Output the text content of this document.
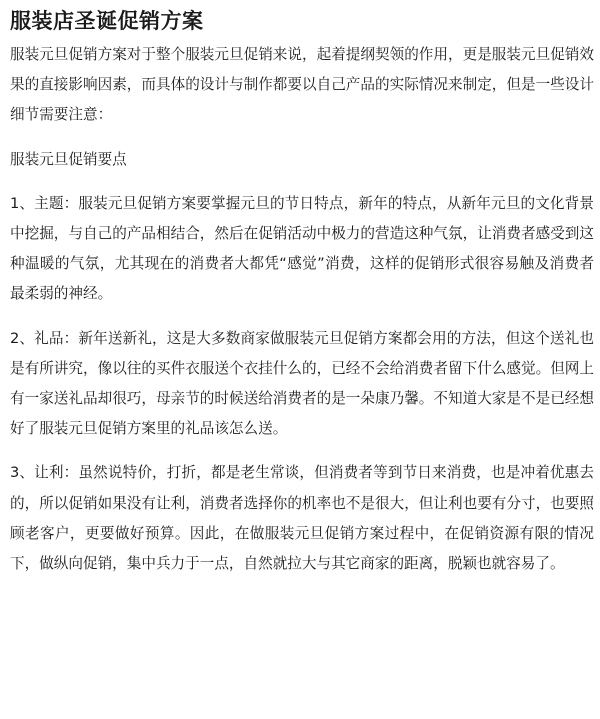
服装店圣诞促销方案

服装元旦促销方案对于整个服装元旦促销来说，起着提纲契领的作用，更是服装元旦促销效果的直接影响因素，而具体的设计与制作都要以自己产品的实际情况来制定，但是一些设计细节需要注意：

服装元旦促销要点

1、主题：服装元旦促销方案要掌握元旦的节日特点，新年的特点，从新年元旦的文化背景中挖掘，与自己的产品相结合，然后在促销活动中极力的营造这种气氛，让消费者感受到这种温暖的气氛，尤其现在的消费者大都凭“感觉”消费，这样的促销形式很容易触及消费者最柔弱的神经。

2、礼品：新年送新礼，这是大多数商家做服装元旦促销方案都会用的方法，但这个送礼也是有所讲究，像以往的买件衣服送个衣挂什么的，已经不会给消费者留下什么感觉。但网上有一家送礼品却很巧，母亲节的时候送给消费者的是一朵康乃馨。不知道大家是不是已经想好了服装元旦促销方案里的礼品该怎么送。

3、让利：虽然说特价，打折，都是老生常谈，但消费者等到节日来消费，也是冲着优惠去的，所以促销如果没有让利，消费者选择你的机率也不是很大，但让利也要有分寸，也要照顾老客户，更要做好预算。因此，在做服装元旦促销方案过程中，在促销资源有限的情况下，做纵向促销，集中兵力于一点，自然就拉大与其它商家的距离，脱颖也就容易了。
